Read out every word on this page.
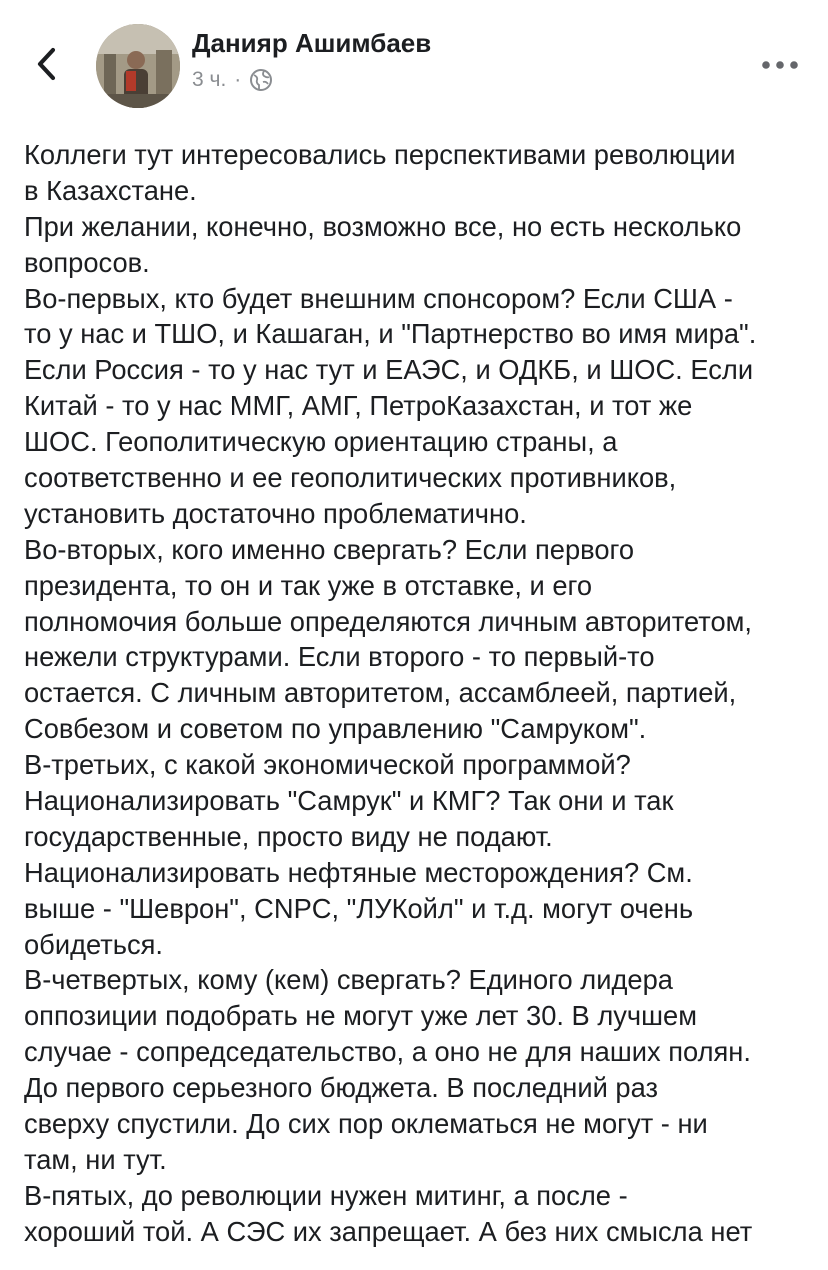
Данияр Ашимбаев
3 ч. ·
Коллеги тут интересовались перспективами революции
в Казахстане.
При желании, конечно, возможно все, но есть несколько
вопросов.
Во-первых, кто будет внешним спонсором? Если США -
то у нас и ТШО, и Кашаган, и "Партнерство во имя мира".
Если Россия - то у нас тут и ЕАЭС, и ОДКБ, и ШОС. Если
Китай - то у нас ММГ, АМГ, ПетроКазахстан, и тот же
ШОС. Геополитическую ориентацию страны, а
соответственно и ее геополитических противников,
установить достаточно проблематично.
Во-вторых, кого именно свергать? Если первого
президента, то он и так уже в отставке, и его
полномочия больше определяются личным авторитетом,
нежели структурами. Если второго - то первый-то
остается. С личным авторитетом, ассамблеей, партией,
Совбезом и советом по управлению "Самруком".
В-третьих, с какой экономической программой?
Национализировать "Самрук" и КМГ? Так они и так
государственные, просто виду не подают.
Национализировать нефтяные месторождения? См.
выше - "Шеврон", CNPC, "ЛУКойл" и т.д. могут очень
обидеться.
В-четвертых, кому (кем) свергать? Единого лидера
оппозиции подобрать не могут уже лет 30. В лучшем
случае - сопредседательство, а оно не для наших полян.
До первого серьезного бюджета. В последний раз
сверху спустили. До сих пор оклематься не могут - ни
там, ни тут.
В-пятых, до революции нужен митинг, а после -
хороший той. А СЭС их запрещает. А без них смысла нет
